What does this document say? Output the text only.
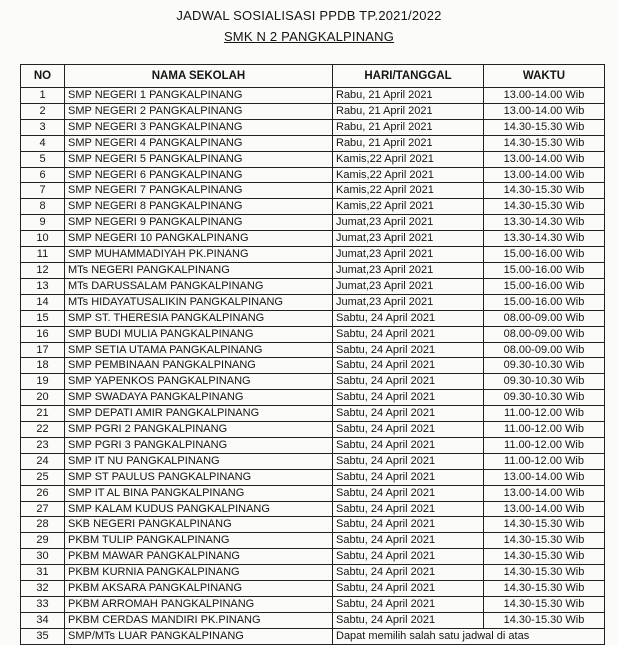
JADWAL SOSIALISASI PPDB TP.2021/2022
SMK N 2 PANGKALPINANG
NO	NAMA SEKOLAH	HARI/TANGGAL	WAKTU
1	SMP NEGERI 1 PANGKALPINANG	Rabu, 21 April 2021	13.00-14.00 Wib
2	SMP NEGERI 2 PANGKALPINANG	Rabu, 21 April 2021	13.00-14.00 Wib
3	SMP NEGERI 3 PANGKALPINANG	Rabu, 21 April 2021	14.30-15.30 Wib
4	SMP NEGERI 4 PANGKALPINANG	Rabu, 21 April 2021	14.30-15.30 Wib
5	SMP NEGERI 5 PANGKALPINANG	Kamis,22 April 2021	13.00-14.00 Wib
6	SMP NEGERI 6 PANGKALPINANG	Kamis,22 April 2021	13.00-14.00 Wib
7	SMP NEGERI 7 PANGKALPINANG	Kamis,22 April 2021	14.30-15.30 Wib
8	SMP NEGERI 8 PANGKALPINANG	Kamis,22 April 2021	14.30-15.30 Wib
9	SMP NEGERI 9 PANGKALPINANG	Jumat,23 April 2021	13.30-14.30 Wib
10	SMP NEGERI 10 PANGKALPINANG	Jumat,23 April 2021	13.30-14.30 Wib
11	SMP MUHAMMADIYAH PK.PINANG	Jumat,23 April 2021	15.00-16.00 Wib
12	MTs NEGERI PANGKALPINANG	Jumat,23 April 2021	15.00-16.00 Wib
13	MTs DARUSSALAM PANGKALPINANG	Jumat,23 April 2021	15.00-16.00 Wib
14	MTs HIDAYATUSALIKIN PANGKALPINANG	Jumat,23 April 2021	15.00-16.00 Wib
15	SMP ST. THERESIA PANGKALPINANG	Sabtu, 24 April 2021	08.00-09.00 Wib
16	SMP BUDI MULIA PANGKALPINANG	Sabtu, 24 April 2021	08.00-09.00 Wib
17	SMP SETIA UTAMA PANGKALPINANG	Sabtu, 24 April 2021	08.00-09.00 Wib
18	SMP PEMBINAAN PANGKALPINANG	Sabtu, 24 April 2021	09.30-10.30 Wib
19	SMP YAPENKOS PANGKALPINANG	Sabtu, 24 April 2021	09.30-10.30 Wib
20	SMP SWADAYA PANGKALPINANG	Sabtu, 24 April 2021	09.30-10.30 Wib
21	SMP DEPATI AMIR PANGKALPINANG	Sabtu, 24 April 2021	11.00-12.00 Wib
22	SMP PGRI 2 PANGKALPINANG	Sabtu, 24 April 2021	11.00-12.00 Wib
23	SMP PGRI 3 PANGKALPINANG	Sabtu, 24 April 2021	11.00-12.00 Wib
24	SMP IT NU PANGKALPINANG	Sabtu, 24 April 2021	11.00-12.00 Wib
25	SMP ST PAULUS PANGKALPINANG	Sabtu, 24 April 2021	13.00-14.00 Wib
26	SMP IT AL BINA PANGKALPINANG	Sabtu, 24 April 2021	13.00-14.00 Wib
27	SMP KALAM KUDUS PANGKALPINANG	Sabtu, 24 April 2021	13.00-14.00 Wib
28	SKB NEGERI PANGKALPINANG	Sabtu, 24 April 2021	14.30-15.30 Wib
29	PKBM TULIP PANGKALPINANG	Sabtu, 24 April 2021	14.30-15.30 Wib
30	PKBM MAWAR PANGKALPINANG	Sabtu, 24 April 2021	14.30-15.30 Wib
31	PKBM KURNIA PANGKALPINANG	Sabtu, 24 April 2021	14.30-15.30 Wib
32	PKBM AKSARA PANGKALPINANG	Sabtu, 24 April 2021	14.30-15.30 Wib
33	PKBM ARROMAH PANGKALPINANG	Sabtu, 24 April 2021	14.30-15.30 Wib
34	PKBM CERDAS MANDIRI PK.PINANG	Sabtu, 24 April 2021	14.30-15.30 Wib
35	SMP/MTs LUAR PANGKALPINANG	Dapat memilih salah satu jadwal di atas	
